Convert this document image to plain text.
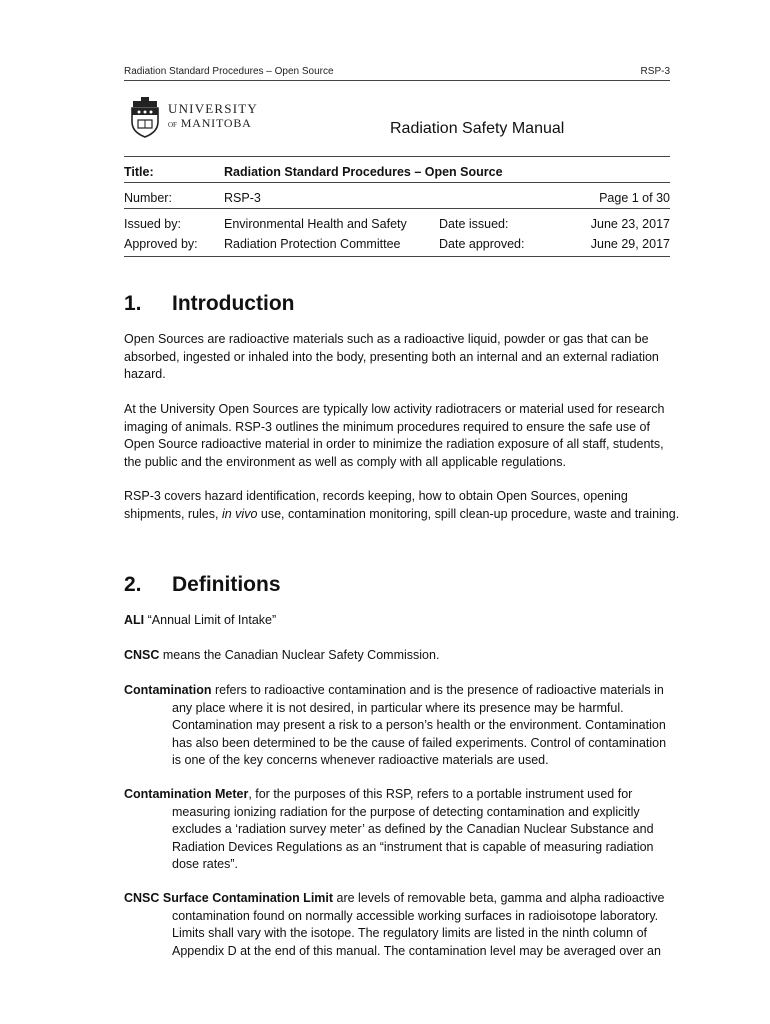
Radiation Standard Procedures – Open Source	RSP-3
UNIVERSITY
OF MANITOBA	Radiation Safety Manual
Title:	Radiation Standard Procedures – Open Source		
Number:	RSP-3		Page 1 of 30
Issued by:	Environmental Health and Safety	Date issued:	June 23, 2017
Approved by:	Radiation Protection Committee	Date approved:	June 29, 2017
1. Introduction
Open Sources are radioactive materials such as a radioactive liquid, powder or gas that can be absorbed, ingested or inhaled into the body, presenting both an internal and an external radiation hazard.
At the University Open Sources are typically low activity radiotracers or material used for research imaging of animals. RSP-3 outlines the minimum procedures required to ensure the safe use of Open Source radioactive material in order to minimize the radiation exposure of all staff, students, the public and the environment as well as comply with all applicable regulations.
RSP-3 covers hazard identification, records keeping, how to obtain Open Sources, opening shipments, rules, in vivo use, contamination monitoring, spill clean-up procedure, waste and training.
2. Definitions
ALI “Annual Limit of Intake”
CNSC means the Canadian Nuclear Safety Commission.
Contamination refers to radioactive contamination and is the presence of radioactive materials in any place where it is not desired, in particular where its presence may be harmful. Contamination may present a risk to a person’s health or the environment. Contamination has also been determined to be the cause of failed experiments. Control of contamination is one of the key concerns whenever radioactive materials are used.
Contamination Meter, for the purposes of this RSP, refers to a portable instrument used for measuring ionizing radiation for the purpose of detecting contamination and explicitly excludes a ‘radiation survey meter’ as defined by the Canadian Nuclear Substance and Radiation Devices Regulations as an “instrument that is capable of measuring radiation dose rates”.
CNSC Surface Contamination Limit are levels of removable beta, gamma and alpha radioactive contamination found on normally accessible working surfaces in radioisotope laboratory. Limits shall vary with the isotope. The regulatory limits are listed in the ninth column of Appendix D at the end of this manual. The contamination level may be averaged over an
